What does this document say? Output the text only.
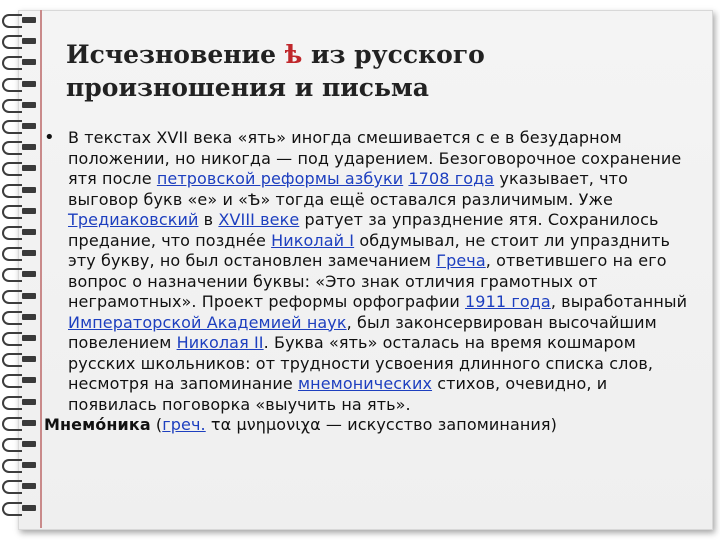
Исчезновение ѣ из русского
произношения и письма
• В текстах XVII века «ять» иногда смешивается с е в безударном положении, но никогда — под ударением. Безоговорочное сохранение ятя после петровской реформы азбуки 1708 года указывает, что выговор букв «е» и «Ѣ» тогда ещё оставался различимым. Уже Тредиаковский в XVIII веке ратует за упразднение ятя. Сохранилось предание, что позднée Николай I обдумывал, не стоит ли упразднить эту букву, но был остановлен замечанием Греча, ответившего на его вопрос о назначении буквы: «Это знак отличия грамотных от неграмотных». Проект реформы орфографии 1911 года, выработанный Императорской Академией наук, был законсервирован высочайшим повелением Николая II. Буква «ять» осталась на время кошмаром русских школьников: от трудности усвоения длинного списка слов, несмотря на запоминание мнемонических стихов, очевидно, и появилась поговорка «выучить на ять».
Мнемо́ника (греч. τα μνημονιχα — искусство запоминания)
